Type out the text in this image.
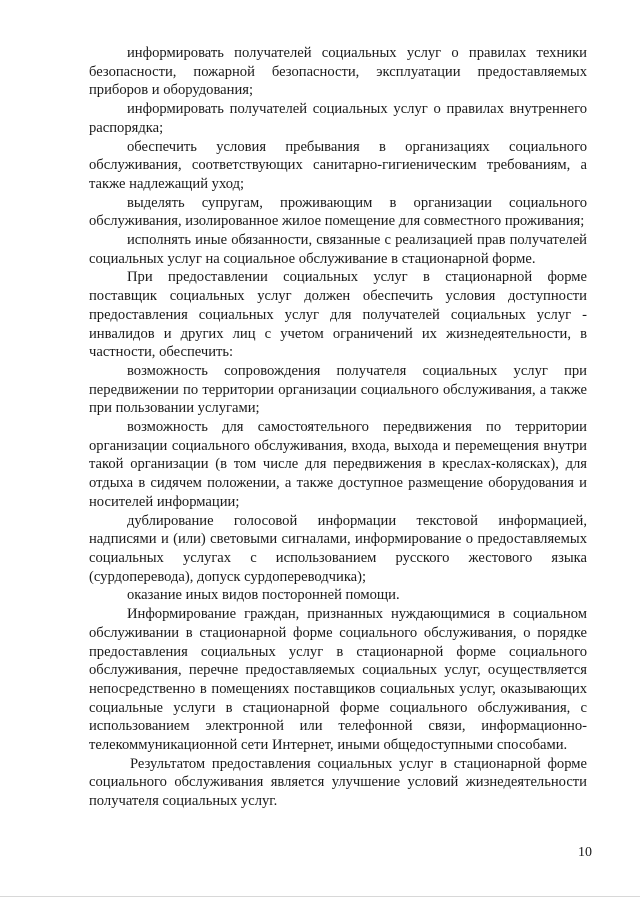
информировать получателей социальных услуг о правилах техники безопасности, пожарной безопасности, эксплуатации предоставляемых приборов и оборудования;

информировать получателей социальных услуг о правилах внутреннего распорядка;

обеспечить условия пребывания в организациях социального обслуживания, соответствующих санитарно-гигиеническим требованиям, а также надлежащий уход;

выделять супругам, проживающим в организации социального обслуживания, изолированное жилое помещение для совместного проживания;

исполнять иные обязанности, связанные с реализацией прав получателей социальных услуг на социальное обслуживание в стационарной форме.

При предоставлении социальных услуг в стационарной форме поставщик социальных услуг должен обеспечить условия доступности предоставления социальных услуг для получателей социальных услуг - инвалидов и других лиц с учетом ограничений их жизнедеятельности, в частности, обеспечить:

возможность сопровождения получателя социальных услуг при передвижении по территории организации социального обслуживания, а также при пользовании услугами;

возможность для самостоятельного передвижения по территории организации социального обслуживания, входа, выхода и перемещения внутри такой организации (в том числе для передвижения в креслах-колясках), для отдыха в сидячем положении, а также доступное размещение оборудования и носителей информации;

дублирование голосовой информации текстовой информацией, надписями и (или) световыми сигналами, информирование о предоставляемых социальных услугах с использованием русского жестового языка (сурдоперевода), допуск сурдопереводчика);

оказание иных видов посторонней помощи.

Информирование граждан, признанных нуждающимися в социальном обслуживании в стационарной форме социального обслуживания, о порядке предоставления социальных услуг в стационарной форме социального обслуживания, перечне предоставляемых социальных услуг, осуществляется непосредственно в помещениях поставщиков социальных услуг, оказывающих социальные услуги в стационарной форме социального обслуживания, с использованием электронной или телефонной связи, информационно-телекоммуникационной сети Интернет, иными общедоступными способами.

Результатом предоставления социальных услуг в стационарной форме социального обслуживания является улучшение условий жизнедеятельности получателя социальных услуг.

10
